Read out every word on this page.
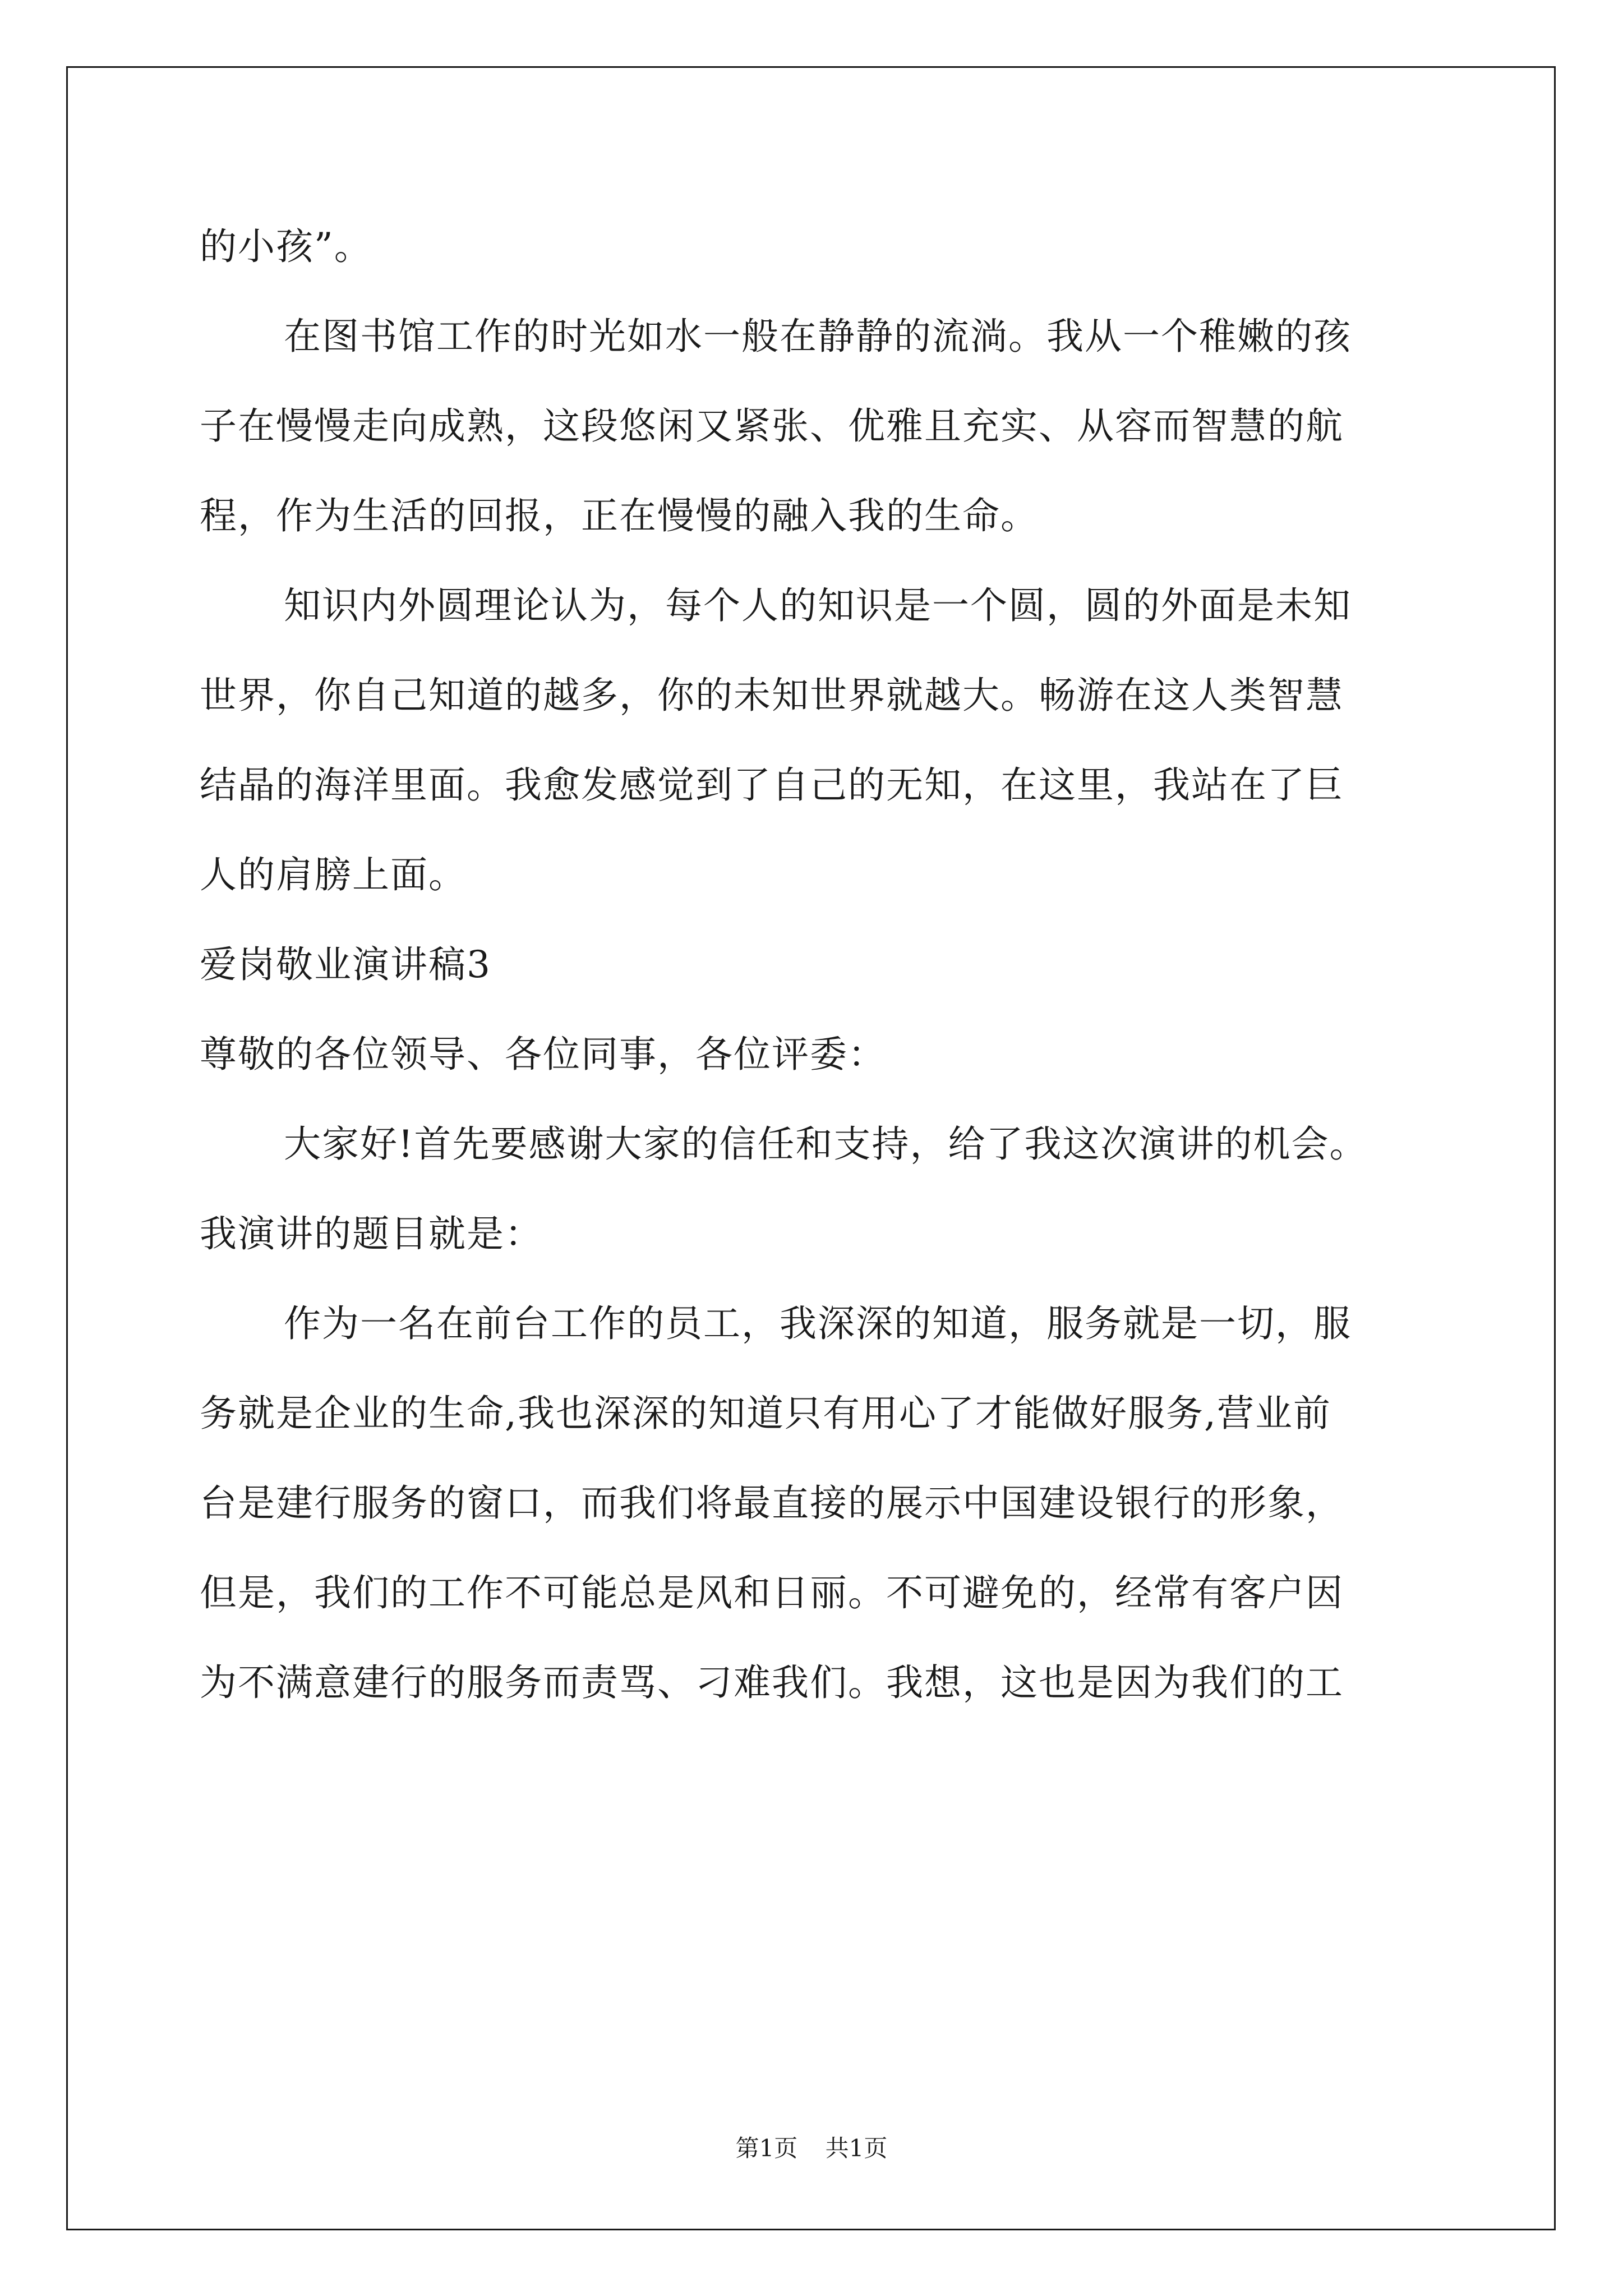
的小孩”。
在图书馆工作的时光如水一般在静静的流淌。我从一个稚嫩的孩
子在慢慢走向成熟，这段悠闲又紧张、优雅且充实、从容而智慧的航
程，作为生活的回报，正在慢慢的融入我的生命。
知识内外圆理论认为，每个人的知识是一个圆，圆的外面是未知
世界，你自己知道的越多，你的未知世界就越大。畅游在这人类智慧
结晶的海洋里面。我愈发感觉到了自己的无知，在这里，我站在了巨
人的肩膀上面。
爱岗敬业演讲稿3
尊敬的各位领导、各位同事，各位评委：
大家好!首先要感谢大家的信任和支持，给了我这次演讲的机会。
我演讲的题目就是：
作为一名在前台工作的员工，我深深的知道，服务就是一切，服
务就是企业的生命,我也深深的知道只有用心了才能做好服务,营业前
台是建行服务的窗口，而我们将最直接的展示中国建设银行的形象，
但是，我们的工作不可能总是风和日丽。不可避免的，经常有客户因
为不满意建行的服务而责骂、刁难我们。我想，这也是因为我们的工
第1页 共1页
